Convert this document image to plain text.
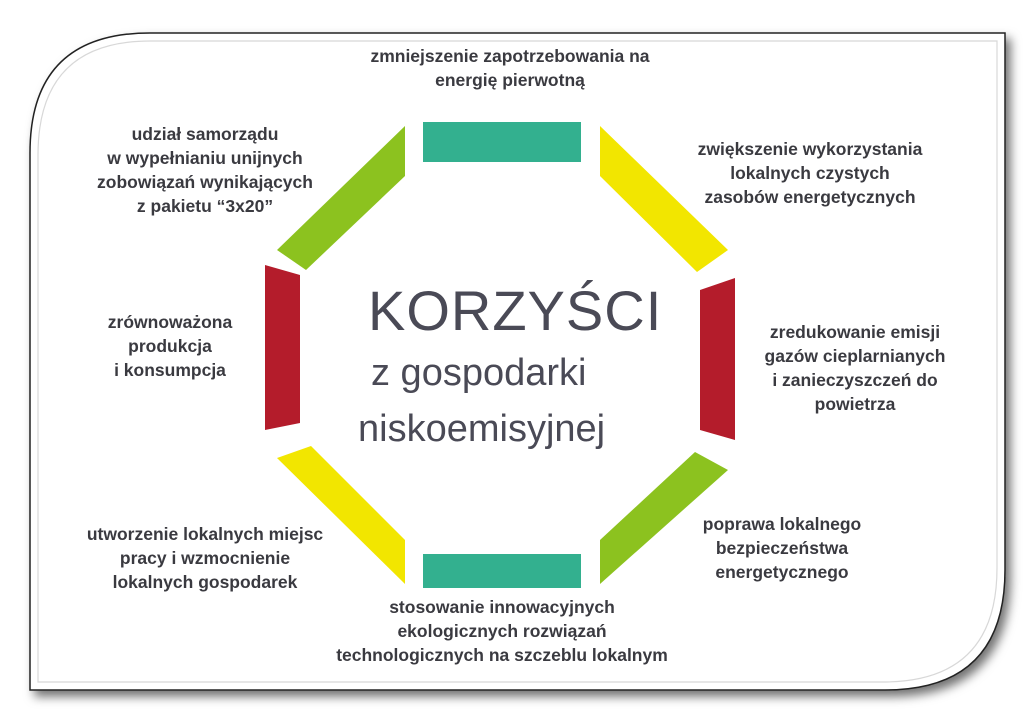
KORZYŚCI
z gospodarki
niskoemisyjnej
zmniejszenie zapotrzebowania na
energię pierwotną
zwiększenie wykorzystania
lokalnych czystych
zasobów energetycznych
zredukowanie emisji
gazów cieplarnianych
i zanieczyszczeń do
powietrza
poprawa lokalnego
bezpieczeństwa
energetycznego
stosowanie innowacyjnych
ekologicznych rozwiązań
technologicznych na szczeblu lokalnym
utworzenie lokalnych miejsc
pracy i wzmocnienie
lokalnych gospodarek
zrównoważona
produkcja
i konsumpcja
udział samorządu
w wypełnianiu unijnych
zobowiązań wynikających
z pakietu “3x20”
